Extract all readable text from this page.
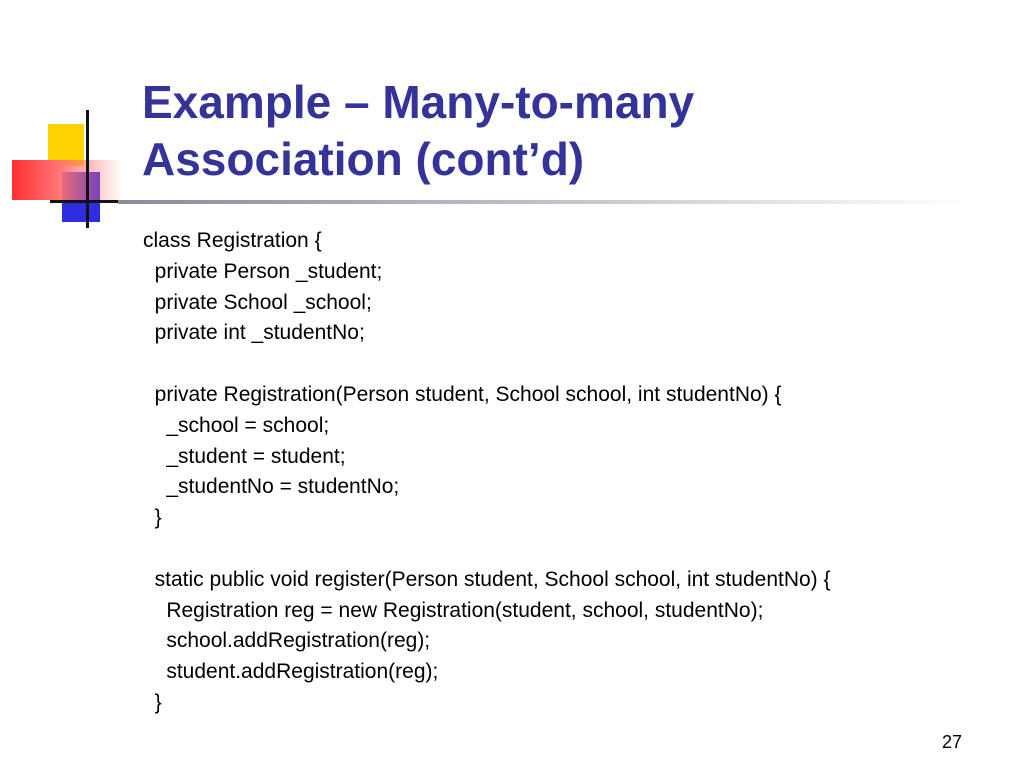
Example – Many-to-many
Association (cont’d)
class Registration {
private Person _student;
private School _school;
private int _studentNo;
private Registration(Person student, School school, int studentNo) {
_school = school;
_student = student;
_studentNo = studentNo;
}
static public void register(Person student, School school, int studentNo) {
Registration reg = new Registration(student, school, studentNo);
school.addRegistration(reg);
student.addRegistration(reg);
}
27
